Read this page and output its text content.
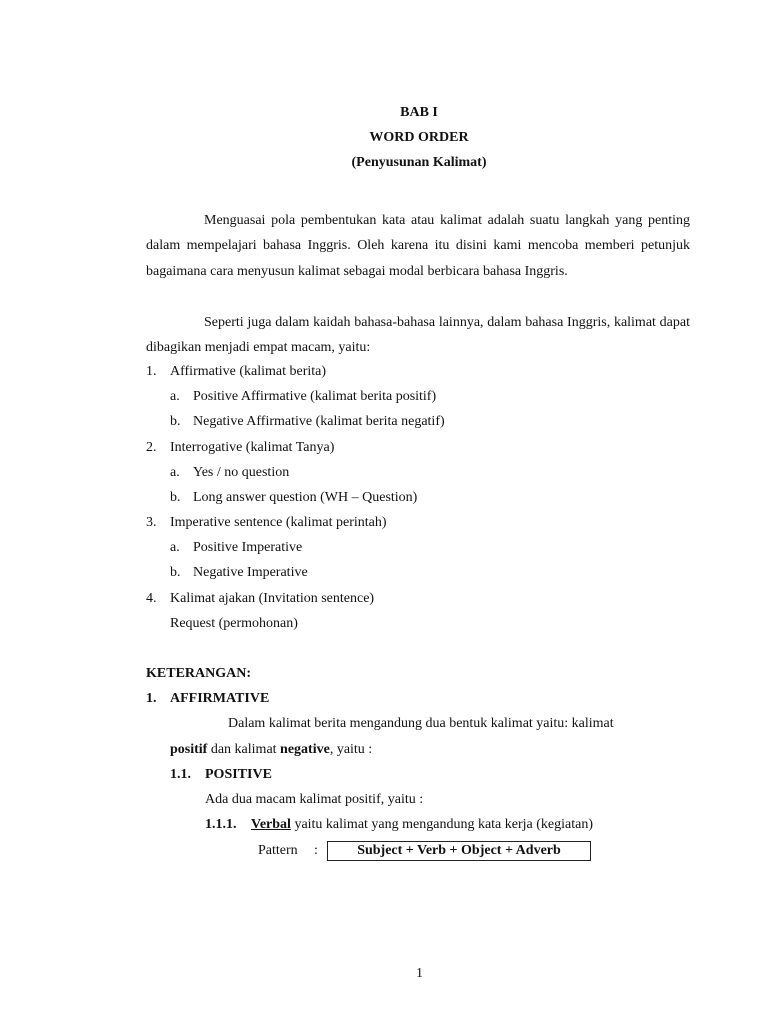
BAB I
WORD ORDER
(Penyusunan Kalimat)
Menguasai pola pembentukan kata atau kalimat adalah suatu langkah yang penting dalam mempelajari bahasa Inggris. Oleh karena itu disini kami mencoba memberi petunjuk bagaimana cara menyusun kalimat sebagai modal berbicara bahasa Inggris.
Seperti juga dalam kaidah bahasa-bahasa lainnya, dalam bahasa Inggris, kalimat dapat dibagikan menjadi empat macam, yaitu:
1. Affirmative (kalimat berita)
a. Positive Affirmative (kalimat berita positif)
b. Negative Affirmative (kalimat berita negatif)
2. Interrogative (kalimat Tanya)
a. Yes / no question
b. Long answer question (WH – Question)
3. Imperative sentence (kalimat perintah)
a. Positive Imperative
b. Negative Imperative
4. Kalimat ajakan (Invitation sentence)
Request (permohonan)
KETERANGAN:
1. AFFIRMATIVE
Dalam kalimat berita mengandung dua bentuk kalimat yaitu: kalimat
positif dan kalimat negative, yaitu :
1.1. POSITIVE
Ada dua macam kalimat positif, yaitu :
1.1.1. Verbal yaitu kalimat yang mengandung kata kerja (kegiatan)
Pattern :	Subject + Verb + Object + Adverb
1
